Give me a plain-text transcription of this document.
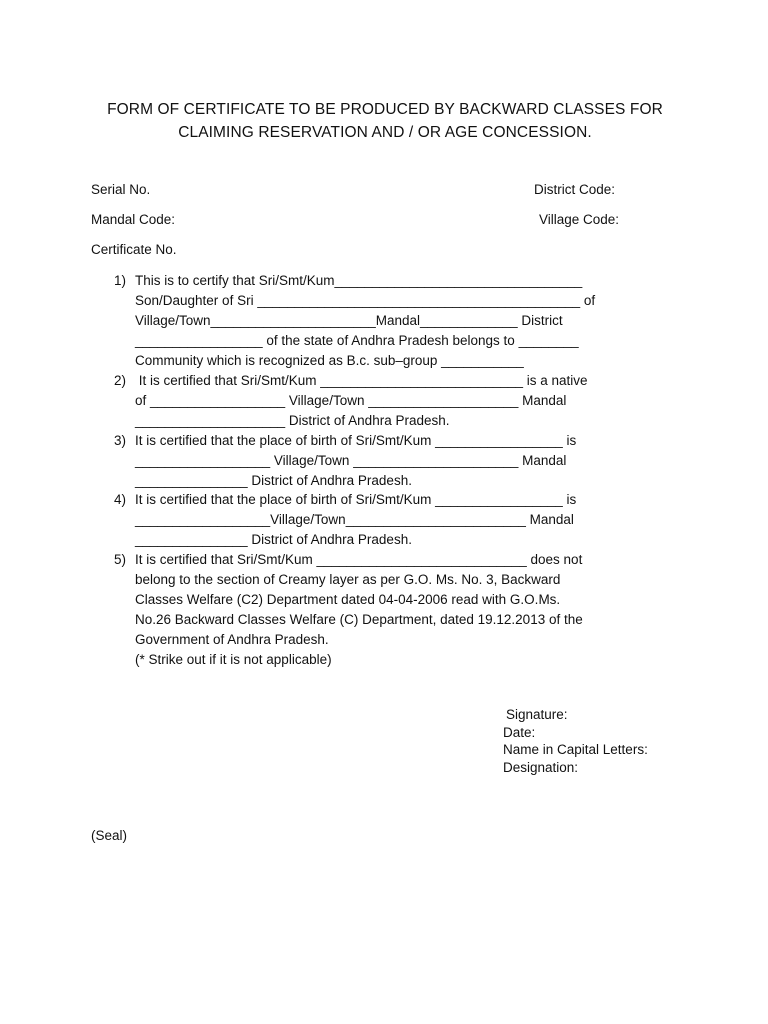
FORM OF CERTIFICATE TO BE PRODUCED BY BACKWARD CLASSES FOR
CLAIMING RESERVATION AND / OR AGE CONCESSION.
Serial No.	District Code:
Mandal Code:	Village Code:
Certificate No.
1) This is to certify that Sri/Smt/Kum_________________________________
Son/Daughter of Sri ___________________________________________ of
Village/Town______________________Mandal_____________ District
_________________ of the state of Andhra Pradesh belongs to ________
Community which is recognized as B.c. sub–group ___________
2) It is certified that Sri/Smt/Kum ___________________________ is a native
of __________________ Village/Town ____________________ Mandal
____________________ District of Andhra Pradesh.
3) It is certified that the place of birth of Sri/Smt/Kum _________________ is
__________________ Village/Town ______________________ Mandal
_______________ District of Andhra Pradesh.
4) It is certified that the place of birth of Sri/Smt/Kum _________________ is
__________________Village/Town________________________ Mandal
_______________ District of Andhra Pradesh.
5) It is certified that Sri/Smt/Kum ____________________________ does not
belong to the section of Creamy layer as per G.O. Ms. No. 3, Backward
Classes Welfare (C2) Department dated 04-04-2006 read with G.O.Ms.
No.26 Backward Classes Welfare (C) Department, dated 19.12.2013 of the
Government of Andhra Pradesh.
(* Strike out if it is not applicable)
Signature:
Date:
Name in Capital Letters:
Designation:
(Seal)
